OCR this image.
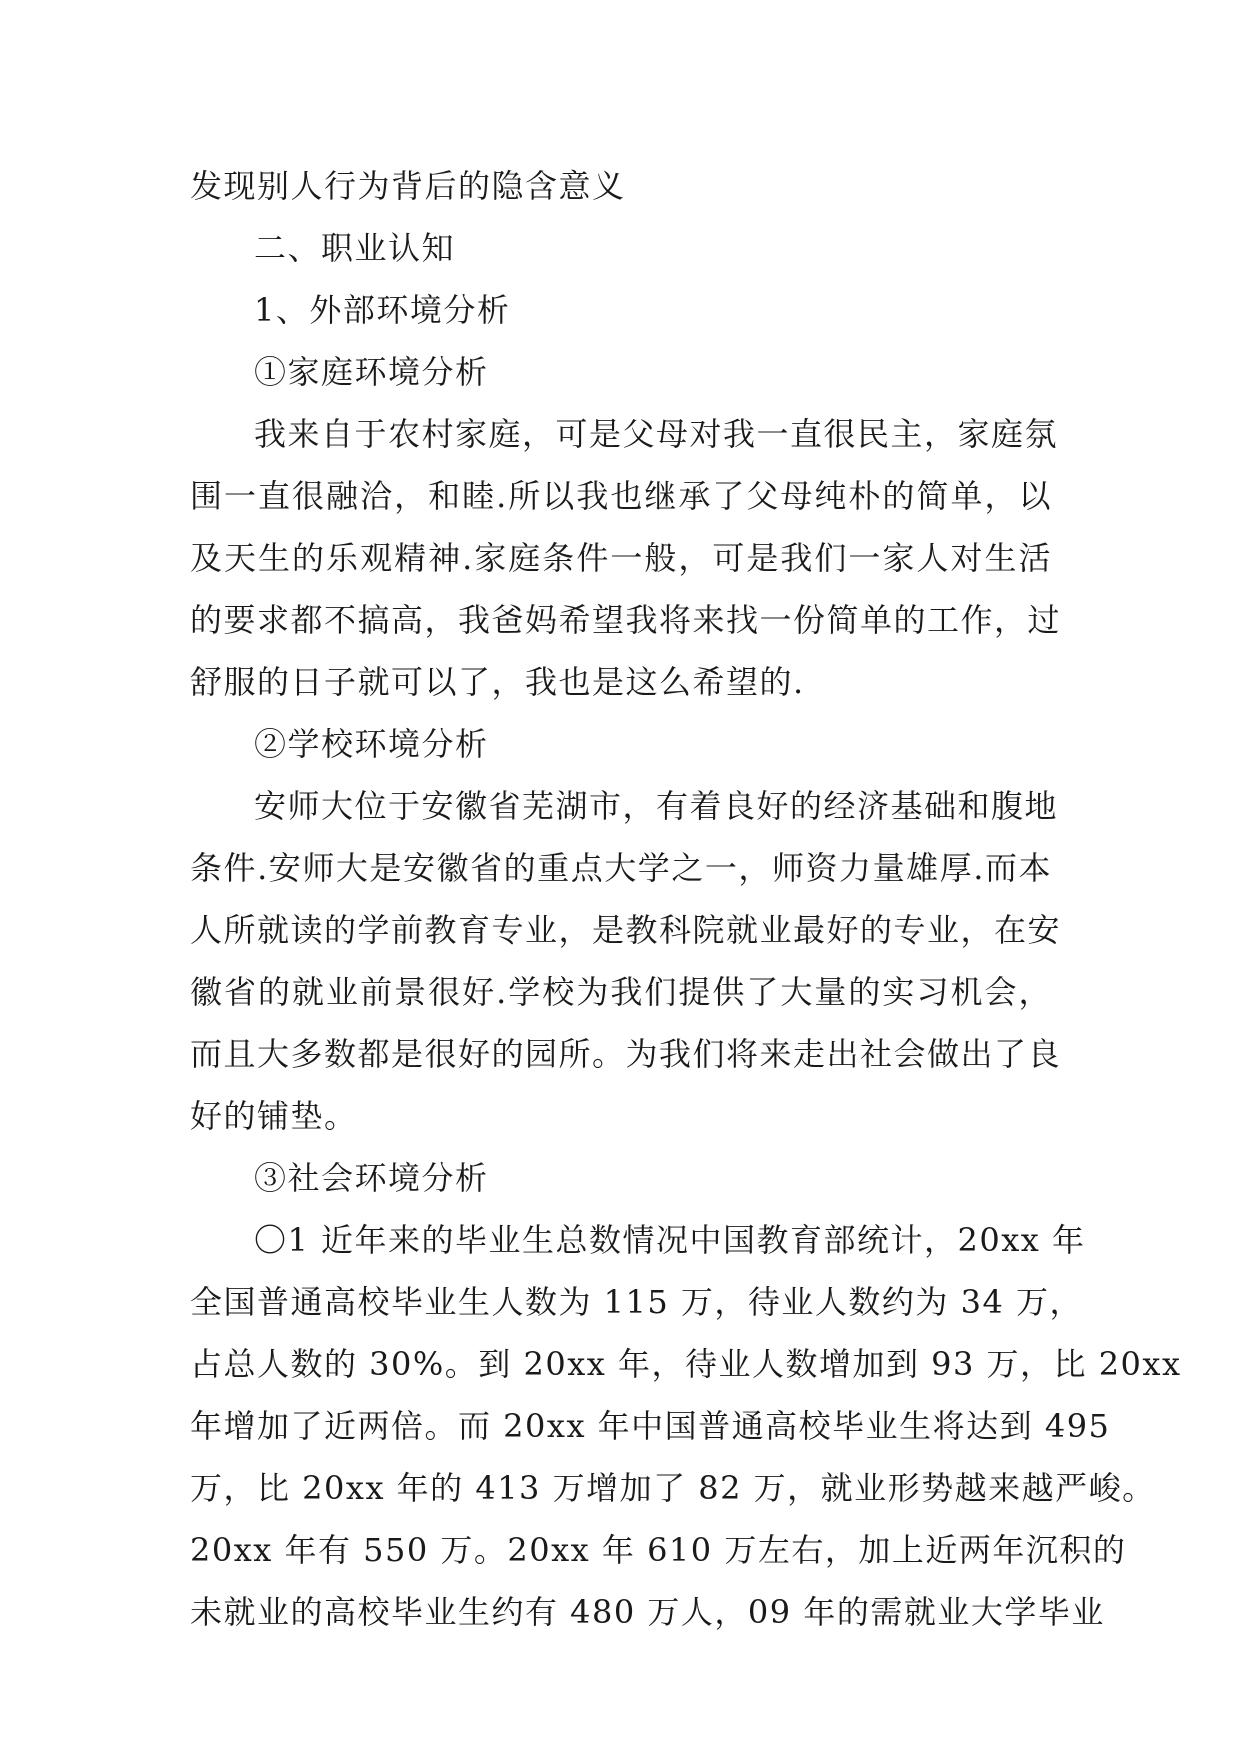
发现别人行为背后的隐含意义
二、职业认知
1、外部环境分析
①家庭环境分析
我来自于农村家庭，可是父母对我一直很民主，家庭氛
围一直很融洽，和睦.所以我也继承了父母纯朴的简单，以
及天生的乐观精神.家庭条件一般，可是我们一家人对生活
的要求都不搞高，我爸妈希望我将来找一份简单的工作，过
舒服的日子就可以了，我也是这么希望的.
②学校环境分析
安师大位于安徽省芜湖市，有着良好的经济基础和腹地
条件.安师大是安徽省的重点大学之一，师资力量雄厚.而本
人所就读的学前教育专业，是教科院就业最好的专业，在安
徽省的就业前景很好.学校为我们提供了大量的实习机会，
而且大多数都是很好的园所。为我们将来走出社会做出了良
好的铺垫。
③社会环境分析
〇1 近年来的毕业生总数情况中国教育部统计，20xx 年
全国普通高校毕业生人数为 115 万，待业人数约为 34 万，
占总人数的 30%。到 20xx 年，待业人数增加到 93 万，比 20xx
年增加了近两倍。而 20xx 年中国普通高校毕业生将达到 495
万，比 20xx 年的 413 万增加了 82 万，就业形势越来越严峻。
20xx 年有 550 万。20xx 年 610 万左右，加上近两年沉积的
未就业的高校毕业生约有 480 万人，09 年的需就业大学毕业
